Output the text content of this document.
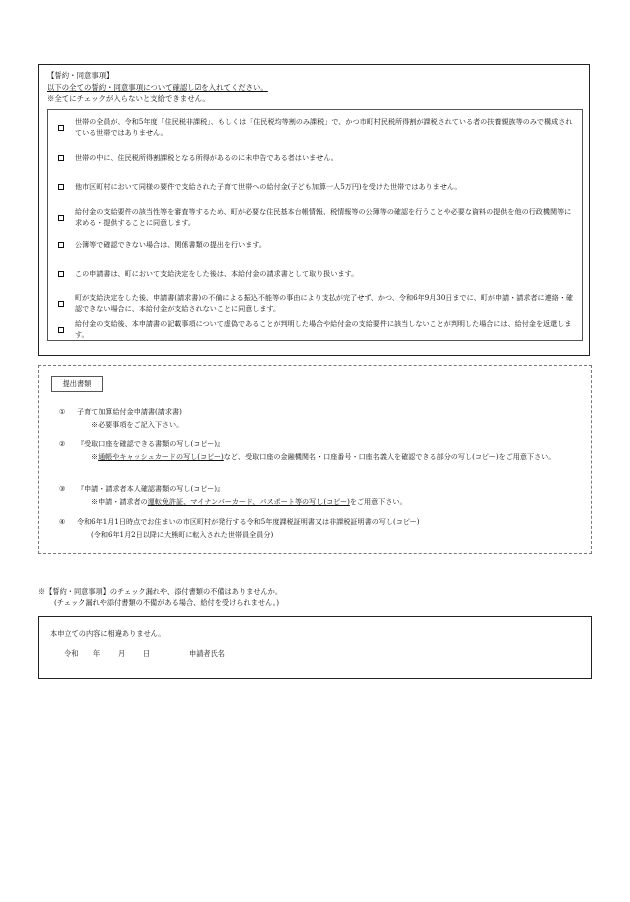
【誓約・同意事項】
以下の全ての誓約・同意事項について確認し☑を入れてください。
※全てにチェックが入らないと支給できません。
世帯の全員が、令和5年度「住民税非課税」、もしくは「住民税均等割のみ課税」で、かつ市町村民税所得割が課税されている者の扶養親族等のみで構成されている世帯ではありません。
世帯の中に、住民税所得割課税となる所得があるのに未申告である者はいません。
他市区町村において同様の要件で支給された子育て世帯への給付金(子ども加算一人5万円)を受けた世帯ではありません。
給付金の支給要件の該当性等を審査等するため、町が必要な住民基本台帳情報、税情報等の公簿等の確認を行うことや必要な資料の提供を他の行政機関等に求める・提供することに同意します。
公簿等で確認できない場合は、関係書類の提出を行います。
この申請書は、町において支給決定をした後は、本給付金の請求書として取り扱います。
町が支給決定をした後、申請書(請求書)の不備による振込不能等の事由により支払が完了せず、かつ、令和6年9月30日までに、町が申請・請求者に連絡・確認できない場合に、本給付金が支給されないことに同意します。
給付金の支給後、本申請書の記載事項について虚偽であることが判明した場合や給付金の支給要件に該当しないことが判明した場合には、給付金を返還します。
提出書類
① 子育て加算給付金申請書(請求書)
※必要事項をご記入下さい。
② 『受取口座を確認できる書類の写し(コピー)』
※通帳やキャッシュカードの写し(コピー)など、受取口座の金融機関名・口座番号・口座名義人を確認できる部分の写し(コピー)をご用意下さい。
③ 『申請・請求者本人確認書類の写し(コピー)』
※申請・請求者の運転免許証、マイナンバーカード、パスポート等の写し(コピー)をご用意下さい。
④ 令和6年1月1日時点でお住まいの市区町村が発行する令和5年度課税証明書又は非課税証明書の写し(コピー)
(令和6年1月2日以降に大熊町に転入された世帯員全員分)
※【誓約・同意事項】のチェック漏れや、添付書類の不備はありませんか。
(チェック漏れや添付書類の不備がある場合、給付を受けられません。)
本申立ての内容に相違ありません。
令和 年 月 日	申請者氏名
